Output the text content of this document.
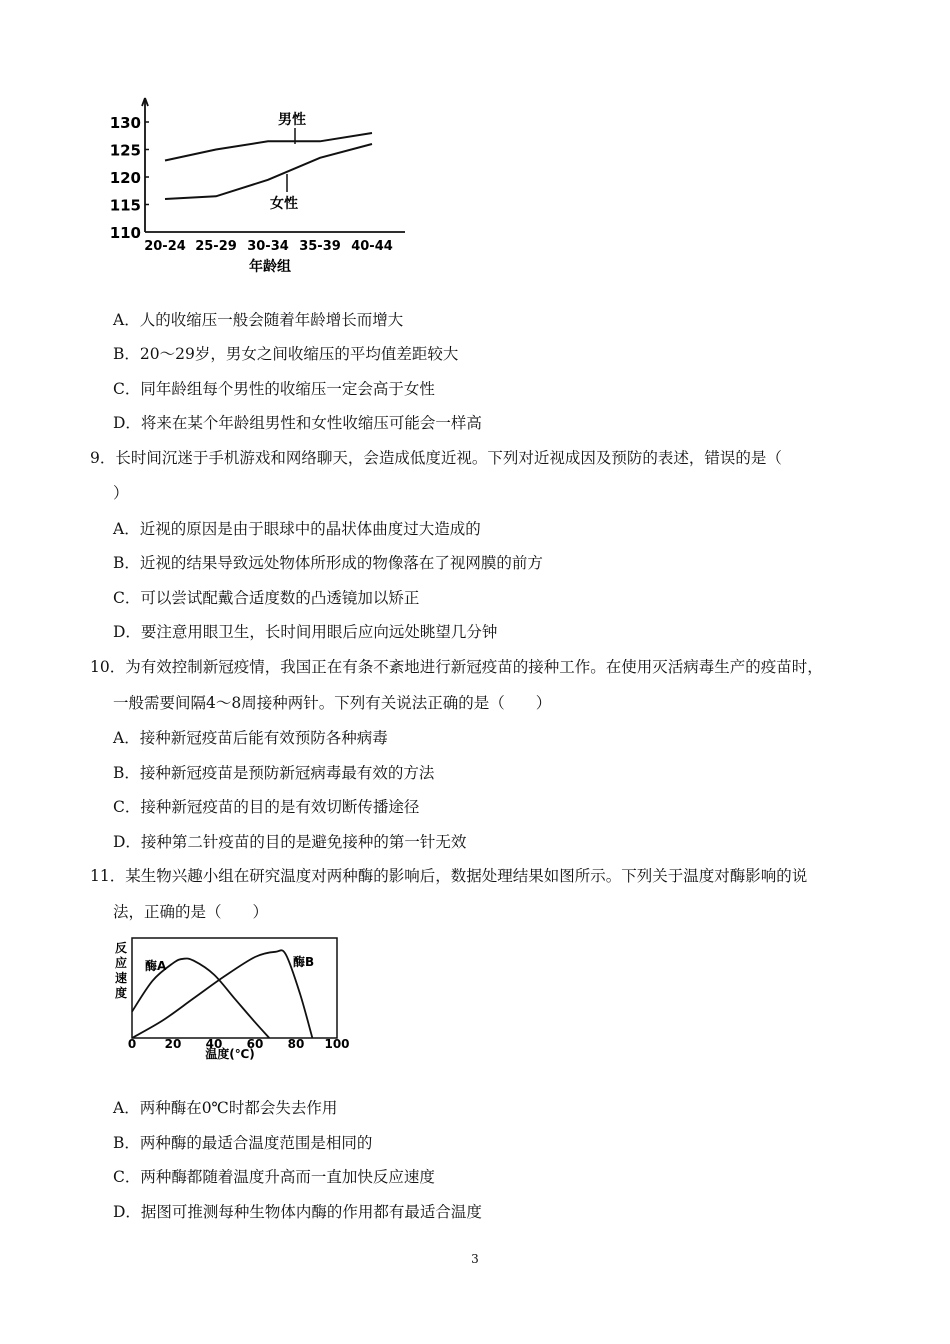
130
125
120
115
110
20-24 25-29 30-34 35-39 40-44
年龄组
男性
女性
A．人的收缩压一般会随着年龄增长而增大
B．20～29岁，男女之间收缩压的平均值差距较大
C．同年龄组每个男性的收缩压一定会高于女性
D．将来在某个年龄组男性和女性收缩压可能会一样高
9．长时间沉迷于手机游戏和网络聊天，会造成低度近视。下列对近视成因及预防的表述，错误的是（
）
A．近视的原因是由于眼球中的晶状体曲度过大造成的
B．近视的结果导致远处物体所形成的物像落在了视网膜的前方
C．可以尝试配戴合适度数的凸透镜加以矫正
D．要注意用眼卫生，长时间用眼后应向远处眺望几分钟
10．为有效控制新冠疫情，我国正在有条不紊地进行新冠疫苗的接种工作。在使用灭活病毒生产的疫苗时，
一般需要间隔4～8周接种两针。下列有关说法正确的是（　　）
A．接种新冠疫苗后能有效预防各种病毒
B．接种新冠疫苗是预防新冠病毒最有效的方法
C．接种新冠疫苗的目的是有效切断传播途径
D．接种第二针疫苗的目的是避免接种的第一针无效
11．某生物兴趣小组在研究温度对两种酶的影响后，数据处理结果如图所示。下列关于温度对酶影响的说
法，正确的是（　　）
反
应
速
度
0 20 40 60 80 100
酶A	酶B
温度(℃)
A．两种酶在0℃时都会失去作用
B．两种酶的最适合温度范围是相同的
C．两种酶都随着温度升高而一直加快反应速度
D．据图可推测每种生物体内酶的作用都有最适合温度
3
